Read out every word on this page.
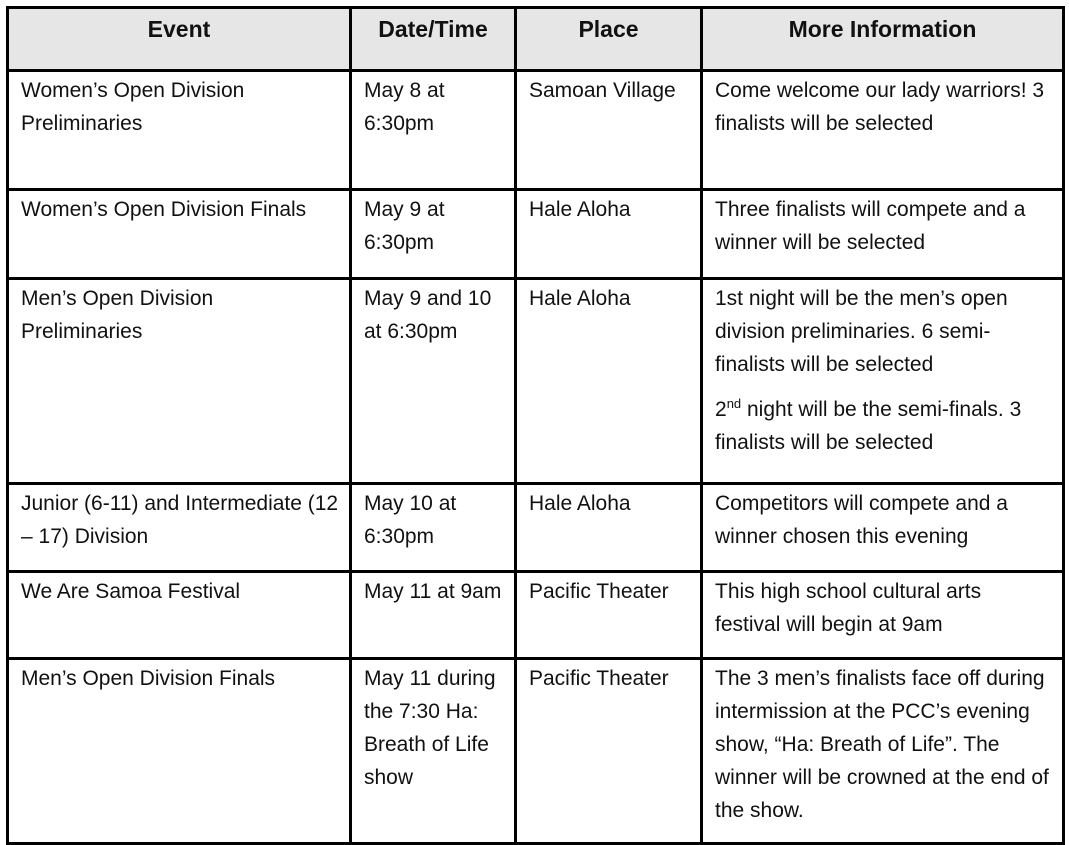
Event	Date/Time	Place	More Information
Women’s Open Division Preliminaries	May 8 at 6:30pm	Samoan Village	Come welcome our lady warriors! 3 finalists will be selected
Women’s Open Division Finals	May 9 at 6:30pm	Hale Aloha	Three finalists will compete and a winner will be selected
Men’s Open Division Preliminaries	May 9 and 10 at 6:30pm	Hale Aloha	1st night will be the men’s open division preliminaries. 6 semi-finalists will be selected
2nd night will be the semi-finals. 3 finalists will be selected

Junior (6-11) and Intermediate (12 – 17) Division	May 10 at 6:30pm	Hale Aloha	Competitors will compete and a winner chosen this evening
We Are Samoa Festival	May 11 at 9am	Pacific Theater	This high school cultural arts festival will begin at 9am
Men’s Open Division Finals	May 11 during the 7:30 Ha: Breath of Life show	Pacific Theater	The 3 men’s finalists face off during intermission at the PCC’s evening show, “Ha: Breath of Life”. The winner will be crowned at the end of the show.
